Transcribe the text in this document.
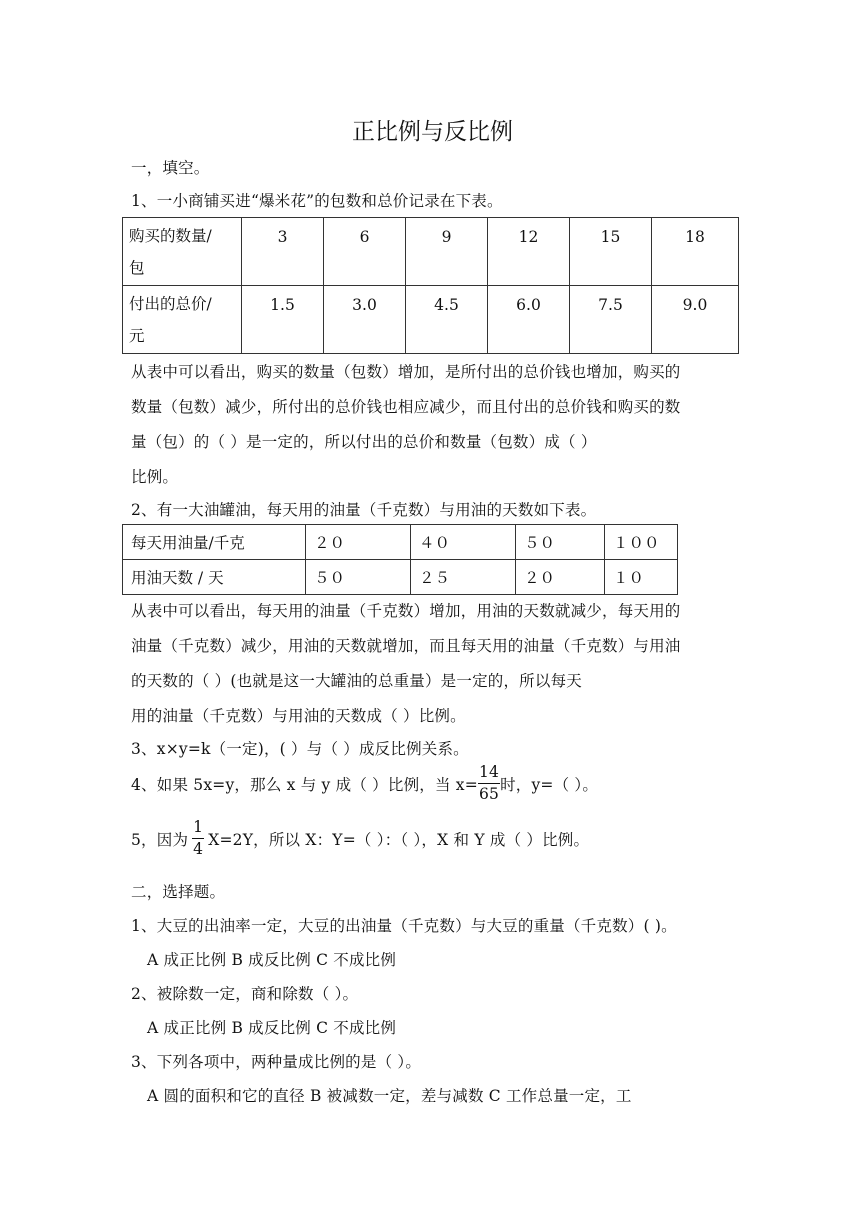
正比例与反比例
一，填空。
1、一小商铺买进“爆米花”的包数和总价记录在下表。
购买的数量/
包	3	6	9	12	15	18
付出的总价/
元	1.5	3.0	4.5	6.0	7.5	9.0
从表中可以看出，购买的数量（包数）增加，是所付出的总价钱也增加，购买的
数量（包数）减少，所付出的总价钱也相应减少，而且付出的总价钱和购买的数
量（包）的（ ）是一定的，所以付出的总价和数量（包数）成（ ）
比例。
2、有一大油罐油，每天用的油量（千克数）与用油的天数如下表。
每天用油量/千克	２０	４０	５０	１００
用油天数 / 天	５０	２５	２０	１０
从表中可以看出，每天用的油量（千克数）增加，用油的天数就减少，每天用的
油量（千克数）减少，用油的天数就增加，而且每天用的油量（千克数）与用油
的天数的（ ）(也就是这一大罐油的总重量）是一定的，所以每天
用的油量（千克数）与用油的天数成（ ）比例。
3、x×y=k（一定)，( ）与（ ）成反比例关系。
4、如果 5x=y，那么 x 与 y 成（ ）比例，当 $x= \frac{14}{65}$ 时，y=（ ）。
5，因为 $\frac{1}{4} X=2Y$，所以 X：Y=（ ）：（ ），X 和 Y 成（ ）比例。
二，选择题。
1、大豆的出油率一定，大豆的出油量（千克数）与大豆的重量（千克数）( )。
A 成正比例 B 成反比例 C 不成比例
2、被除数一定，商和除数（ ）。
A 成正比例 B 成反比例 C 不成比例
3、下列各项中，两种量成比例的是（ ）。
A 圆的面积和它的直径 B 被减数一定，差与减数 C 工作总量一定，工
